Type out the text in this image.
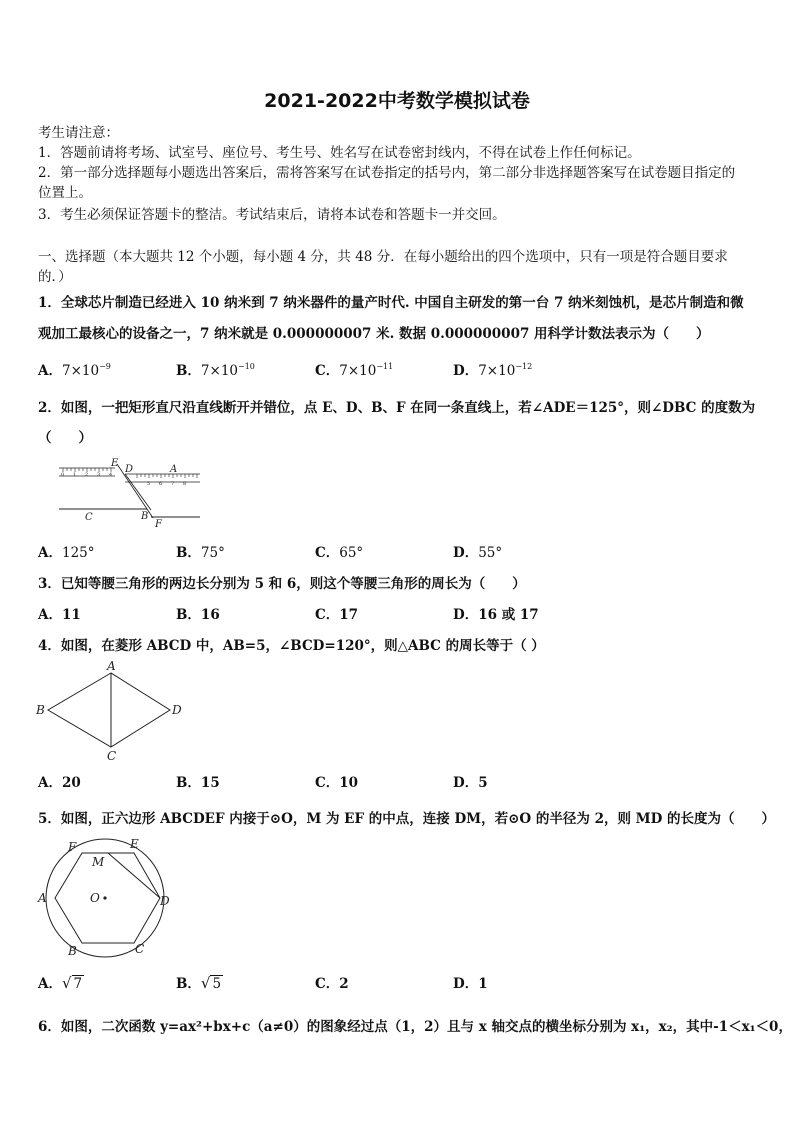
2021-2022中考数学模拟试卷
考生请注意：
1．答题前请将考场、试室号、座位号、考生号、姓名写在试卷密封线内，不得在试卷上作任何标记。
2．第一部分选择题每小题选出答案后，需将答案写在试卷指定的括号内，第二部分非选择题答案写在试卷题目指定的
位置上。
3．考生必须保证答题卡的整洁。考试结束后，请将本试卷和答题卡一并交回。
一、选择题（本大题共 12 个小题，每小题 4 分，共 48 分．在每小题给出的四个选项中，只有一项是符合题目要求
的．）
1．全球芯片制造已经进入 10 纳米到 7 纳米器件的量产时代. 中国自主研发的第一台 7 纳米刻蚀机，是芯片制造和微
观加工最核心的设备之一，7 纳米就是 0.000000007 米. 数据 0.000000007 用科学计数法表示为（　　）
A．$7\times 10^{-9}$	B．$7\times 10^{-10}$	C．$7\times 10^{-11}$	D．$7\times 10^{-12}$
2．如图，一把矩形直尺沿直线断开并错位，点 E、D、B、F 在同一条直线上，若∠ADE＝125°，则∠DBC 的度数为
（　　）
0 1 2 3 4
5 6 7 8
E
D	A
C	B
F
A．125°	B．75°	C．65°	D．55°
3．已知等腰三角形的两边长分别为 5 和 6，则这个等腰三角形的周长为（　　）
A．11	B．16	C．17	D．16 或 17
4．如图，在菱形 ABCD 中，AB=5，∠BCD=120°，则△ABC 的周长等于（ ）
A
B
C
D
A．20	B．15	C．10	D．5
5．如图，正六边形 ABCDEF 内接于⊙O，M 为 EF 的中点，连接 DM，若⊙O 的半径为 2，则 MD 的长度为（　　）
F	E
M
A	O	D
B	C
A．√ 7	B．√ 5	C．2	D．1
6．如图，二次函数 y=ax²+bx+c（a≠0）的图象经过点（1，2）且与 x 轴交点的横坐标分别为 x₁，x₂，其中-1＜x₁＜0，
